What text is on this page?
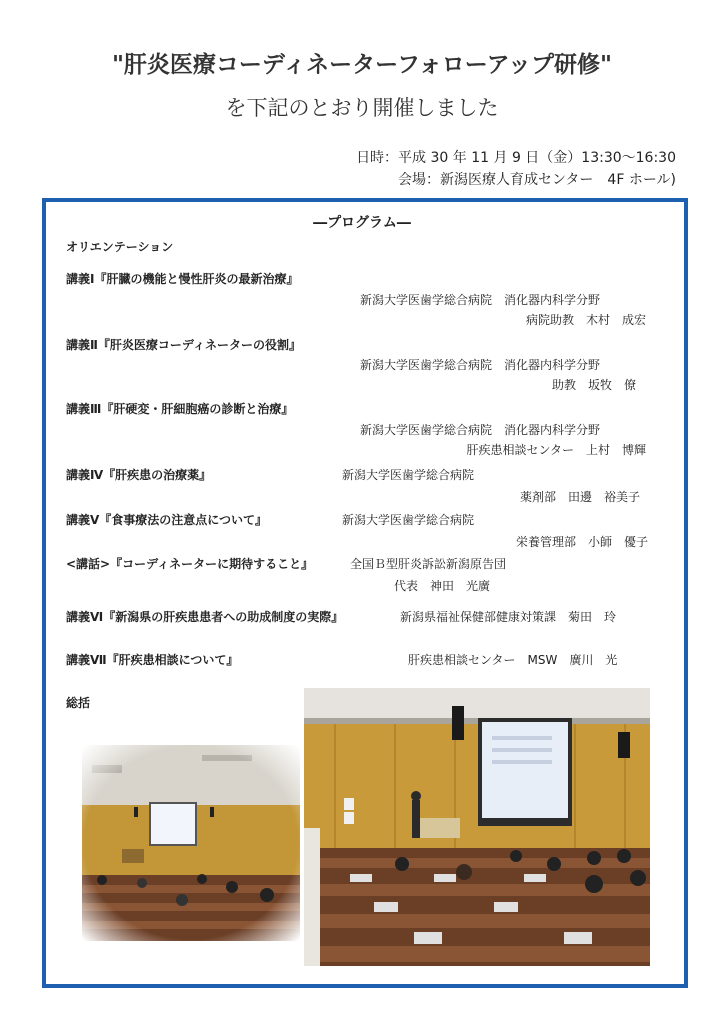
"肝炎医療コーディネーターフォローアップ研修"
を下記のとおり開催しました
日時：平成 30 年 11 月 9 日（金）13:30～16:30
会場：新潟医療人育成センター　4F ホール)
―プログラム―
オリエンテーション
講義Ⅰ『肝臓の機能と慢性肝炎の最新治療』
新潟大学医歯学総合病院　消化器内科学分野
病院助教　木村　成宏
講義Ⅱ『肝炎医療コーディネーターの役割』
新潟大学医歯学総合病院　消化器内科学分野
助教　坂牧　僚
講義Ⅲ『肝硬変・肝細胞癌の診断と治療』
新潟大学医歯学総合病院　消化器内科学分野
肝疾患相談センター　上村　博輝
講義Ⅳ『肝疾患の治療薬』	新潟大学医歯学総合病院
薬剤部　田邊　裕美子
講義Ⅴ『食事療法の注意点について』	新潟大学医歯学総合病院
栄養管理部　小師　優子
<講話>『コーディネーターに期待すること』	全国Ｂ型肝炎訴訟新潟原告団
代表　神田　光廣
講義Ⅵ『新潟県の肝疾患患者への助成制度の実際』	新潟県福祉保健部健康対策課　菊田　玲
講義Ⅶ『肝疾患相談について』	肝疾患相談センター　MSW　廣川　光
総括
